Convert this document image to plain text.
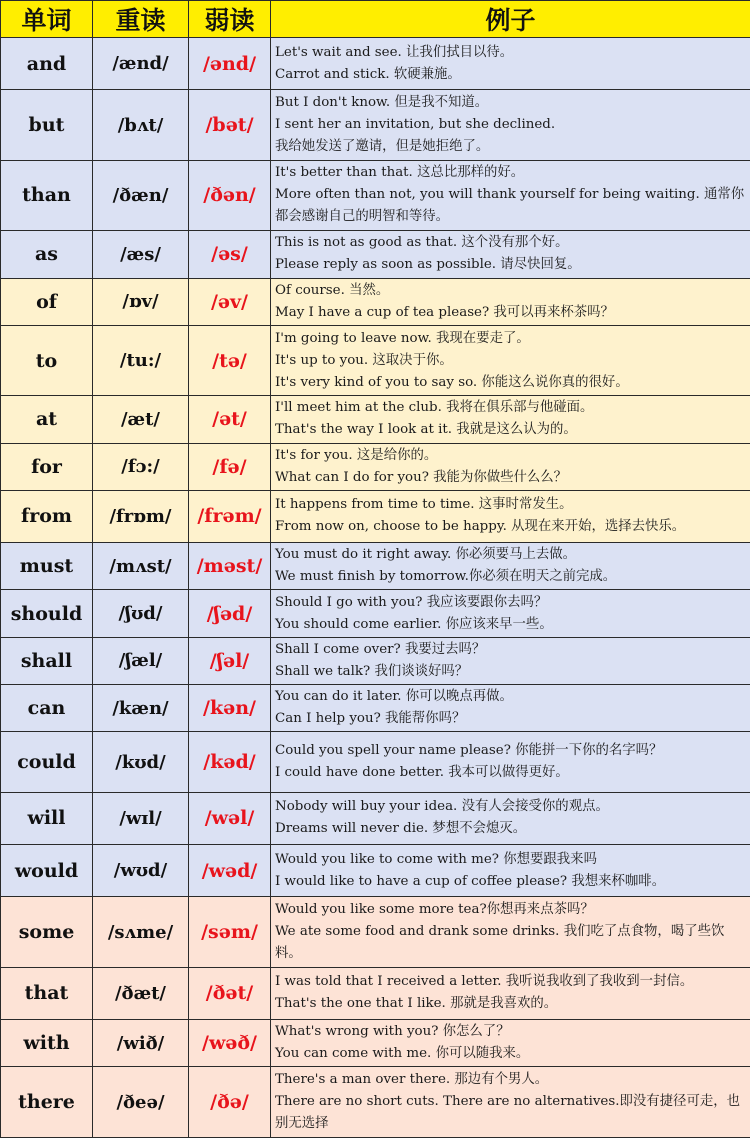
单词	重读	弱读	例子
and	/ænd/	/ənd/	Let's wait and see. 让我们拭目以待。
Carrot and stick. 软硬兼施。

but	/bʌt/	/bət/	But I don't know. 但是我不知道。
I sent her an invitation, but she declined.
我给她发送了邀请，但是她拒绝了。

than	/ðæn/	/ðən/	It's better than that. 这总比那样的好。
More often than not, you will thank yourself for being waiting. 通常你都会感谢自己的明智和等待。

as	/æs/	/əs/	This is not as good as that. 这个没有那个好。
Please reply as soon as possible. 请尽快回复。

of	/ɒv/	/əv/	Of course. 当然。
May I have a cup of tea please? 我可以再来杯茶吗？

to	/tu:/	/tə/	I'm going to leave now. 我现在要走了。
It's up to you. 这取决于你。
It's very kind of you to say so. 你能这么说你真的很好。

at	/æt/	/ət/	I'll meet him at the club. 我将在俱乐部与他碰面。
That's the way I look at it. 我就是这么认为的。

for	/fɔ:/	/fə/	It's for you. 这是给你的。
What can I do for you? 我能为你做些什么么？

from	/frɒm/	/frəm/	It happens from time to time. 这事时常发生。
From now on, choose to be happy. 从现在来开始，选择去快乐。

must	/mʌst/	/məst/	You must do it right away. 你必须要马上去做。
We must finish by tomorrow.你必须在明天之前完成。

should	/ʃʊd/	/ʃəd/	Should I go with you? 我应该要跟你去吗？
You should come earlier. 你应该来早一些。

shall	/ʃæl/	/ʃəl/	Shall I come over? 我要过去吗？
Shall we talk? 我们谈谈好吗？

can	/kæn/	/kən/	You can do it later. 你可以晚点再做。
Can I help you? 我能帮你吗？

could	/kʊd/	/kəd/	Could you spell your name please? 你能拼一下你的名字吗？
I could have done better. 我本可以做得更好。

will	/wɪl/	/wəl/	Nobody will buy your idea. 没有人会接受你的观点。
Dreams will never die. 梦想不会熄灭。

would	/wʊd/	/wəd/	Would you like to come with me? 你想要跟我来吗
I would like to have a cup of coffee please? 我想来杯咖啡。

some	/sʌme/	/səm/	Would you like some more tea?你想再来点茶吗？
We ate some food and drank some drinks. 我们吃了点食物，喝了些饮料。

that	/ðæt/	/ðət/	I was told that I received a letter. 我听说我收到了我收到一封信。
That's the one that I like. 那就是我喜欢的。

with	/wið/	/wəð/	What's wrong with you? 你怎么了？
You can come with me. 你可以随我来。

there	/ðeə/	/ðə/	There's a man over there. 那边有个男人。
There are no short cuts. There are no alternatives.即没有捷径可走，也别无选择
